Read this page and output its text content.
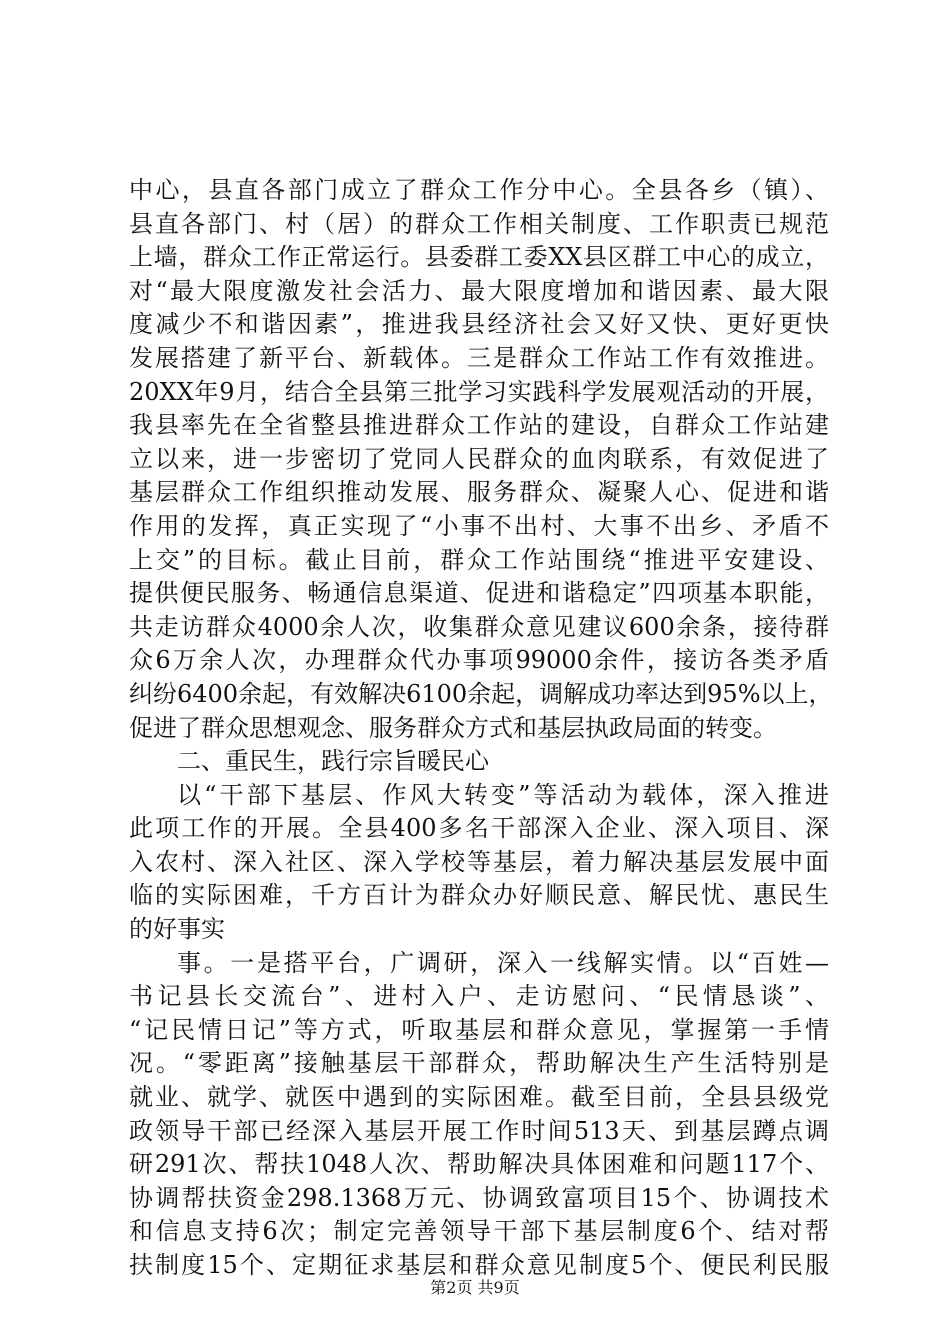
中心，县直各部门成立了群众工作分中心。全县各乡（镇）、
县直各部门、村（居）的群众工作相关制度、工作职责已规范
上墙，群众工作正常运行。县委群工委XX县区群工中心的成立，
对“最大限度激发社会活力、最大限度增加和谐因素、最大限
度减少不和谐因素”，推进我县经济社会又好又快、更好更快
发展搭建了新平台、新载体。三是群众工作站工作有效推进。
20XX年9月，结合全县第三批学习实践科学发展观活动的开展，
我县率先在全省整县推进群众工作站的建设，自群众工作站建
立以来，进一步密切了党同人民群众的血肉联系，有效促进了
基层群众工作组织推动发展、服务群众、凝聚人心、促进和谐
作用的发挥，真正实现了“小事不出村、大事不出乡、矛盾不
上交”的目标。截止目前，群众工作站围绕“推进平安建设、
提供便民服务、畅通信息渠道、促进和谐稳定”四项基本职能，
共走访群众4000余人次，收集群众意见建议600余条，接待群
众6万余人次，办理群众代办事项99000余件，接访各类矛盾
纠纷6400余起，有效解决6100余起，调解成功率达到95%以上，
促进了群众思想观念、服务群众方式和基层执政局面的转变。
二、重民生，践行宗旨暖民心
以“干部下基层、作风大转变”等活动为载体，深入推进
此项工作的开展。全县400多名干部深入企业、深入项目、深
入农村、深入社区、深入学校等基层，着力解决基层发展中面
临的实际困难，千方百计为群众办好顺民意、解民忧、惠民生
的好事实
事。一是搭平台，广调研，深入一线解实情。以“百姓—
书记县长交流台”、进村入户、走访慰问、“民情恳谈”、
“记民情日记”等方式，听取基层和群众意见，掌握第一手情
况。“零距离”接触基层干部群众，帮助解决生产生活特别是
就业、就学、就医中遇到的实际困难。截至目前，全县县级党
政领导干部已经深入基层开展工作时间513天、到基层蹲点调
研291次、帮扶1048人次、帮助解决具体困难和问题117个、
协调帮扶资金298.1368万元、协调致富项目15个、协调技术
和信息支持6次；制定完善领导干部下基层制度6个、结对帮
扶制度15个、定期征求基层和群众意见制度5个、便民利民服
第2页 共9页
